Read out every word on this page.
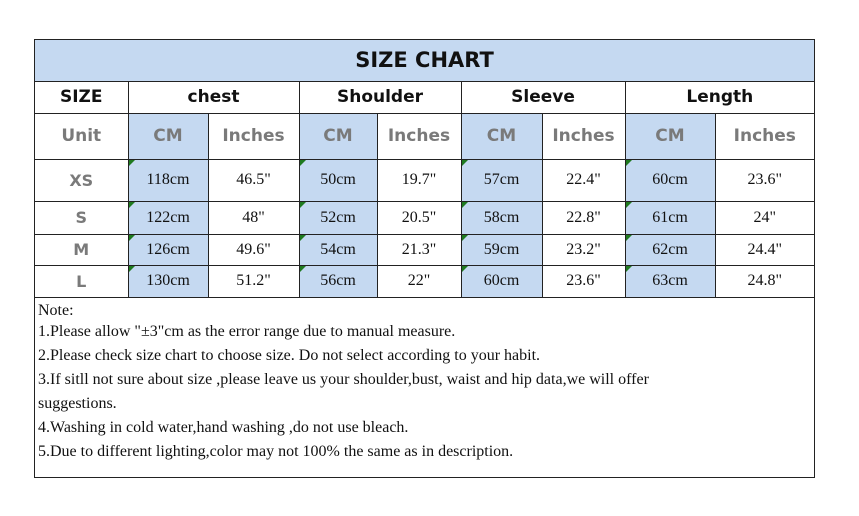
SIZE CHART								
SIZE	chest		Shoulder		Sleeve		Length	
Unit	CM	Inches	CM	Inches	CM	Inches	CM	Inches
XS	118cm	46.5"	50cm	19.7"	57cm	22.4"	60cm	23.6"
S	122cm	48"	52cm	20.5"	58cm	22.8"	61cm	24"
M	126cm	49.6"	54cm	21.3"	59cm	23.2"	62cm	24.4"
L	130cm	51.2"	56cm	22"	60cm	23.6"	63cm	24.8"
Note:
1.Please allow "±3"cm as the error range due to manual measure.
2.Please check size chart to choose size. Do not select according to your habit.
3.If sitll not sure about size ,please leave us your shoulder,bust, waist and hip data,we will offer
suggestions.
4.Washing in cold water,hand washing ,do not use bleach.
5.Due to different lighting,color may not 100% the same as in description.
